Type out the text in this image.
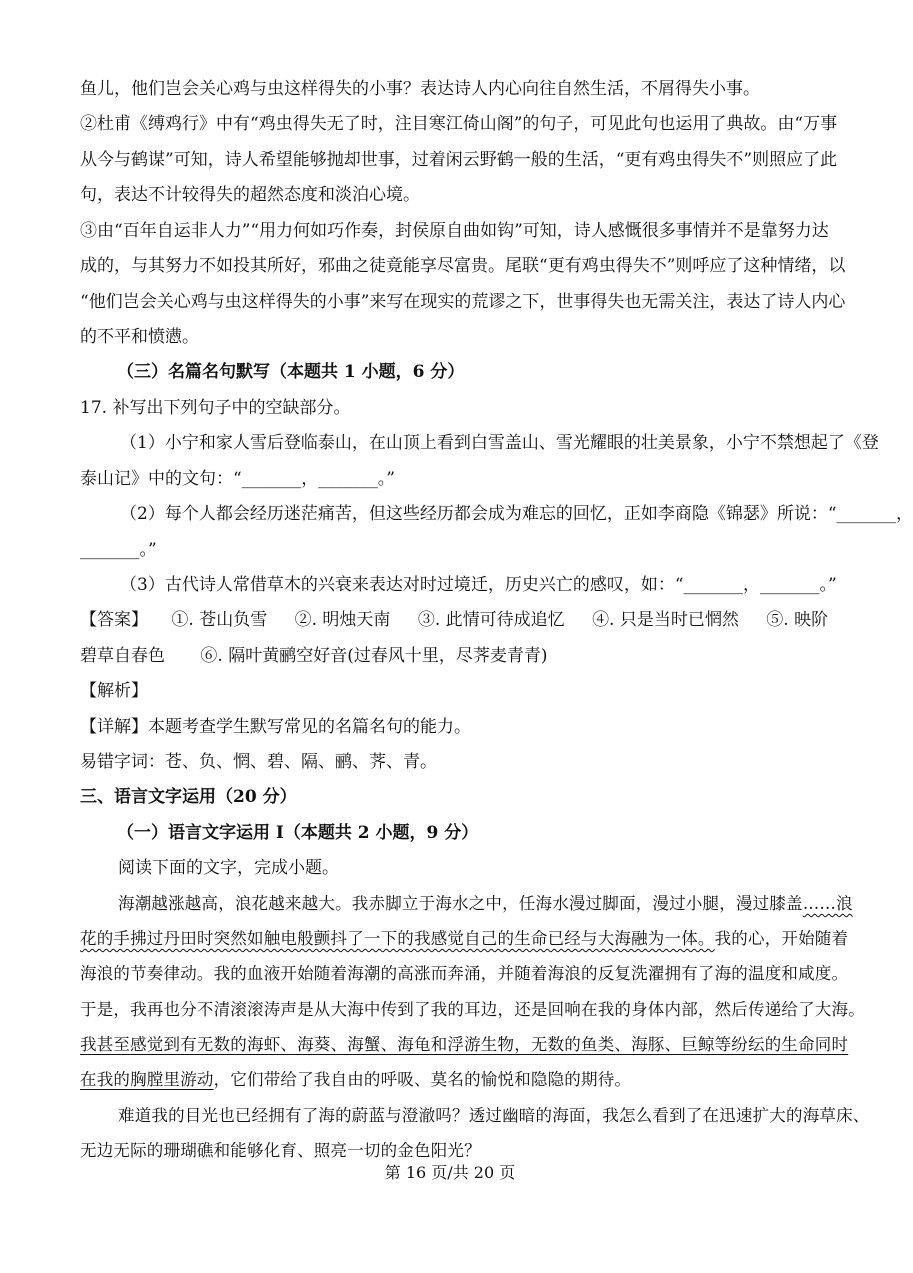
鱼儿，他们岂会关心鸡与虫这样得失的小事？表达诗人内心向往自然生活，不屑得失小事。
②杜甫《缚鸡行》中有“鸡虫得失无了时，注目寒江倚山阁”的句子，可见此句也运用了典故。由“万事
从今与鹤谋”可知，诗人希望能够抛却世事，过着闲云野鹤一般的生活，“更有鸡虫得失不”则照应了此
句，表达不计较得失的超然态度和淡泊心境。
③由“百年自运非人力”“用力何如巧作奏，封侯原自曲如钩”可知，诗人感慨很多事情并不是靠努力达
成的，与其努力不如投其所好，邪曲之徒竟能享尽富贵。尾联“更有鸡虫得失不”则呼应了这种情绪，以
“他们岂会关心鸡与虫这样得失的小事”来写在现实的荒谬之下，世事得失也无需关注，表达了诗人内心
的不平和愤懑。
（三）名篇名句默写（本题共 1 小题，6 分）
17. 补写出下列句子中的空缺部分。
（1）小宁和家人雪后登临泰山，在山顶上看到白雪盖山、雪光耀眼的壮美景象，小宁不禁想起了《登
泰山记》中的文句：“_______，_______。”
（2）每个人都会经历迷茫痛苦，但这些经历都会成为难忘的回忆，正如李商隐《锦瑟》所说：“_______，
_______。”
（3）古代诗人常借草木的兴衰来表达对时过境迁，历史兴亡的感叹，如：“_______，_______。”
【答案】 ①. 苍山负雪 ②. 明烛天南 ③. 此情可待成追忆 ④. 只是当时已惘然 ⑤. 映阶
碧草自春色 ⑥. 隔叶黄鹂空好音(过春风十里，尽荠麦青青)
【解析】
【详解】本题考查学生默写常见的名篇名句的能力。
易错字词：苍、负、惘、碧、隔、鹂、荠、青。
三、语言文字运用（20 分）
（一）语言文字运用 I（本题共 2 小题，9 分）
阅读下面的文字，完成小题。
海潮越涨越高，浪花越来越大。我赤脚立于海水之中，任海水漫过脚面，漫过小腿，漫过膝盖……浪
花的手拂过丹田时突然如触电般颤抖了一下的我感觉自己的生命已经与大海融为一体。我的心，开始随着
海浪的节奏律动。我的血液开始随着海潮的高涨而奔涌，并随着海浪的反复洗濯拥有了海的温度和咸度。
于是，我再也分不清滚滚涛声是从大海中传到了我的耳边，还是回响在我的身体内部，然后传递给了大海。
我甚至感觉到有无数的海虾、海葵、海蟹、海龟和浮游生物，无数的鱼类、海豚、巨鲸等纷纭的生命同时
在我的胸膛里游动，它们带给了我自由的呼吸、莫名的愉悦和隐隐的期待。
难道我的目光也已经拥有了海的蔚蓝与澄澈吗？透过幽暗的海面，我怎么看到了在迅速扩大的海草床、
无边无际的珊瑚礁和能够化育、照亮一切的金色阳光？
第 16 页/共 20 页
